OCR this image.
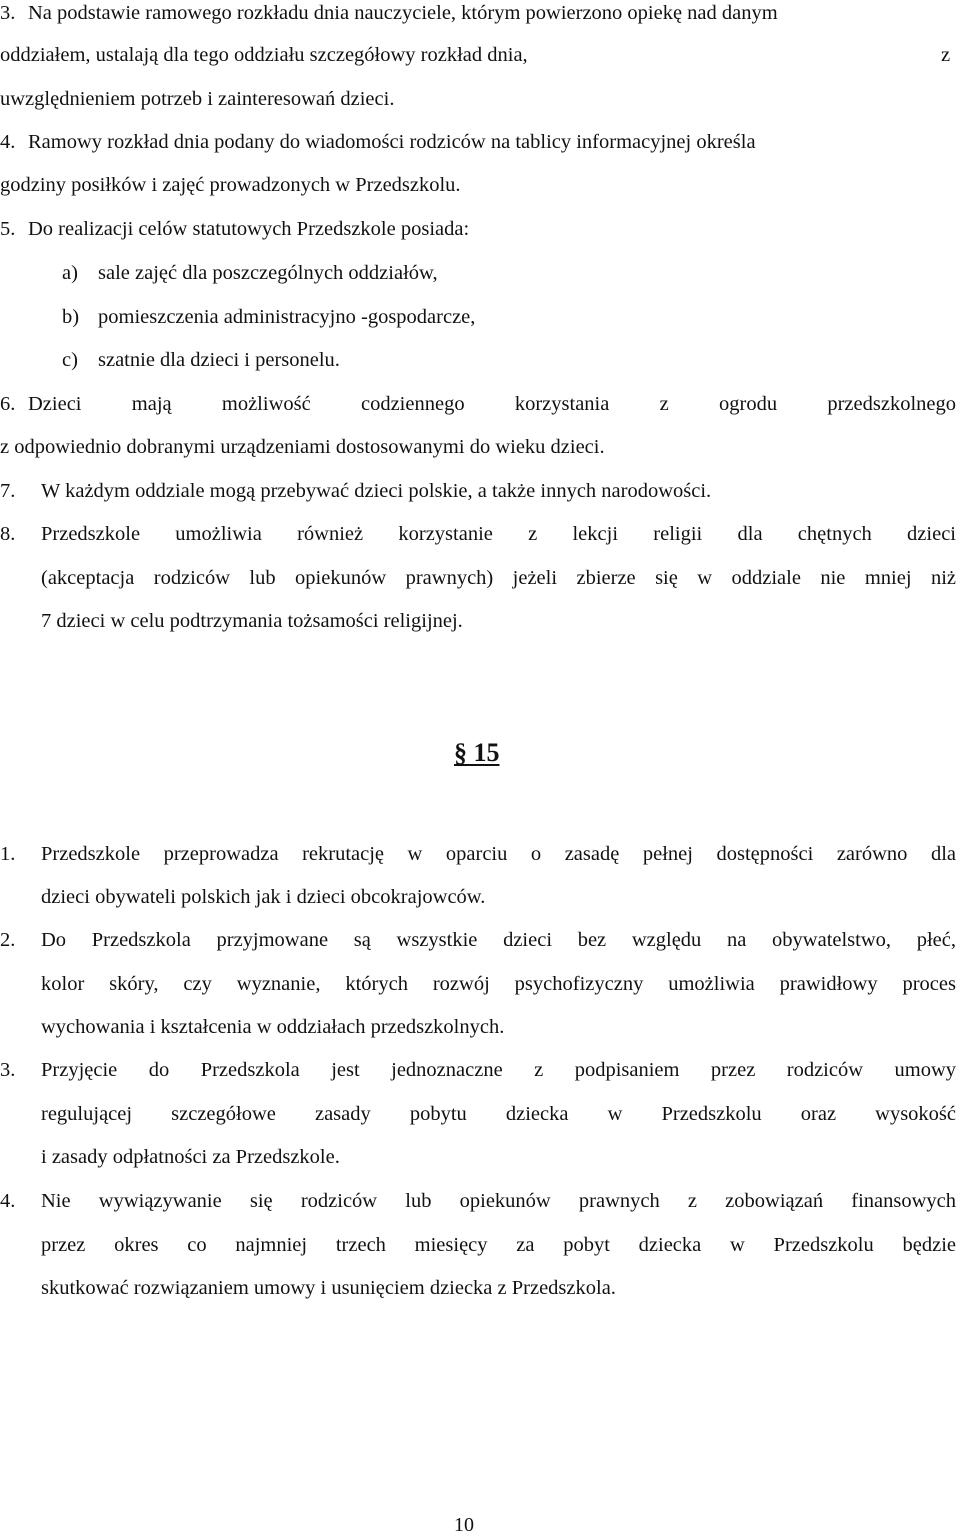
3. Na podstawie ramowego rozkładu dnia nauczyciele, którym powierzono opiekę nad danym
oddziałem, ustalają dla tego oddziału szczegółowy rozkład dnia,	z
uwzględnieniem potrzeb i zainteresowań dzieci.
4. Ramowy rozkład dnia podany do wiadomości rodziców na tablicy informacyjnej określa
godziny posiłków i zajęć prowadzonych w Przedszkolu.
5. Do realizacji celów statutowych Przedszkole posiada:
a) sale zajęć dla poszczególnych oddziałów,
b) pomieszczenia administracyjno -gospodarcze,
c) szatnie dla dzieci i personelu.
6. Dzieci mają możliwość codziennego korzystania z ogrodu przedszkolnego
z odpowiednio dobranymi urządzeniami dostosowanymi do wieku dzieci.
7. W każdym oddziale mogą przebywać dzieci polskie, a także innych narodowości.
8. Przedszkole umożliwia również korzystanie z lekcji religii dla chętnych dzieci
(akceptacja rodziców lub opiekunów prawnych) jeżeli zbierze się w oddziale nie mniej niż
7 dzieci w celu podtrzymania tożsamości religijnej.
§ 15
1. Przedszkole przeprowadza rekrutację w oparciu o zasadę pełnej dostępności zarówno dla
dzieci obywateli polskich jak i dzieci obcokrajowców.
2. Do Przedszkola przyjmowane są wszystkie dzieci bez względu na obywatelstwo, płeć,
kolor skóry, czy wyznanie, których rozwój psychofizyczny umożliwia prawidłowy proces
wychowania i kształcenia w oddziałach przedszkolnych.
3. Przyjęcie do Przedszkola jest jednoznaczne z podpisaniem przez rodziców umowy
regulującej szczegółowe zasady pobytu dziecka w Przedszkolu oraz wysokość
i zasady odpłatności za Przedszkole.
4. Nie wywiązywanie się rodziców lub opiekunów prawnych z zobowiązań finansowych
przez okres co najmniej trzech miesięcy za pobyt dziecka w Przedszkolu będzie
skutkować rozwiązaniem umowy i usunięciem dziecka z Przedszkola.
10
